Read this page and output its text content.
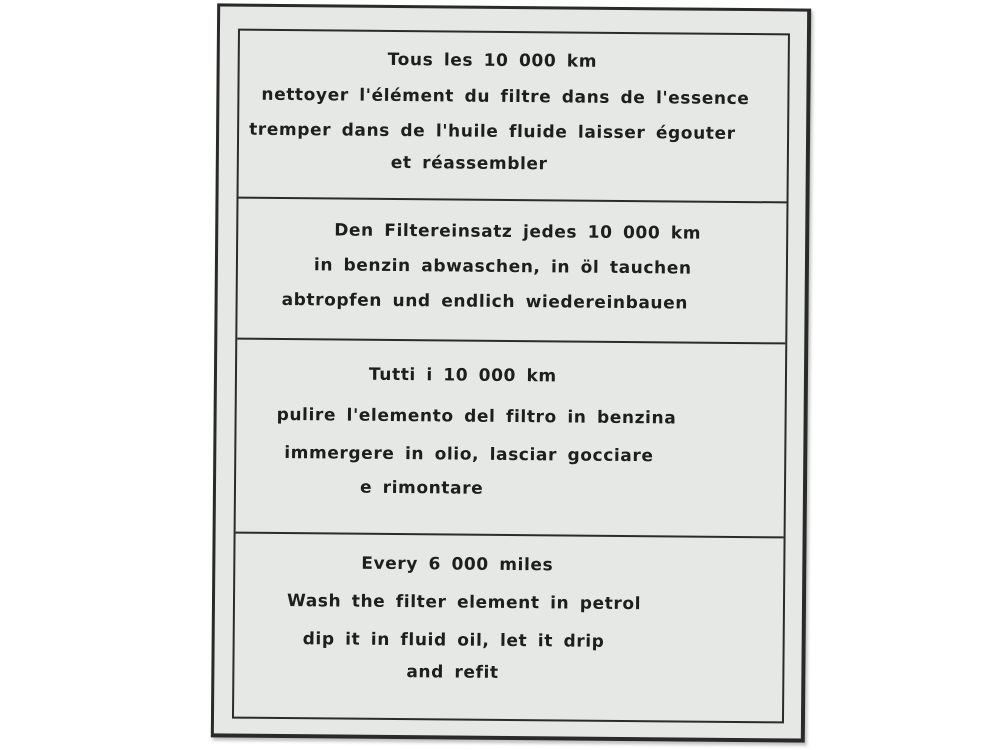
Tous les 10 000 km
nettoyer l'élément du filtre dans de l'essence
tremper dans de l'huile fluide laisser égouter
et réassembler
Den Filtereinsatz jedes 10 000 km
in benzin abwaschen, in öl tauchen
abtropfen und endlich wiedereinbauen
Tutti i 10 000 km
pulire l'elemento del filtro in benzina
immergere in olio, lasciar gocciare
e rimontare
Every 6 000 miles
Wash the filter element in petrol
dip it in fluid oil, let it drip
and refit
